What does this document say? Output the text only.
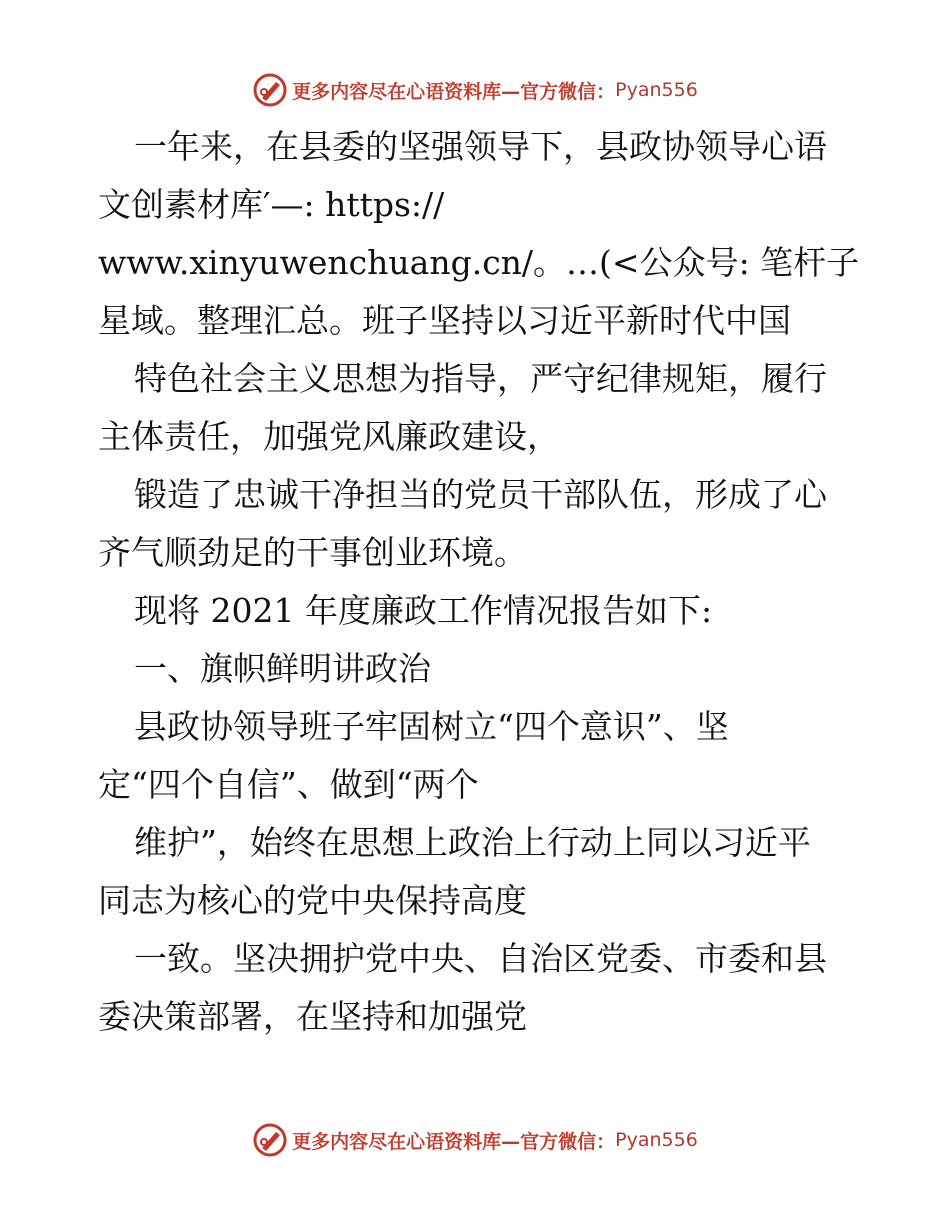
更多内容尽在心语资料库—官方微信： Pyan556
一年来，在县委的坚强领导下，县政协领导心语
文创素材库′—: https://
www.xinyuwenchuang.cn/。…(<公众号: 笔杆子
星域。整理汇总。班子坚持以习近平新时代中国
特色社会主义思想为指导，严守纪律规矩，履行
主体责任，加强党风廉政建设，
锻造了忠诚干净担当的党员干部队伍，形成了心
齐气顺劲足的干事创业环境。
现将 2021 年度廉政工作情况报告如下:
一、旗帜鲜明讲政治
县政协领导班子牢固树立“四个意识”、坚
定“四个自信”、做到“两个
维护”，始终在思想上政治上行动上同以习近平
同志为核心的党中央保持高度
一致。坚决拥护党中央、自治区党委、市委和县
委决策部署，在坚持和加强党
更多内容尽在心语资料库—官方微信： Pyan556
